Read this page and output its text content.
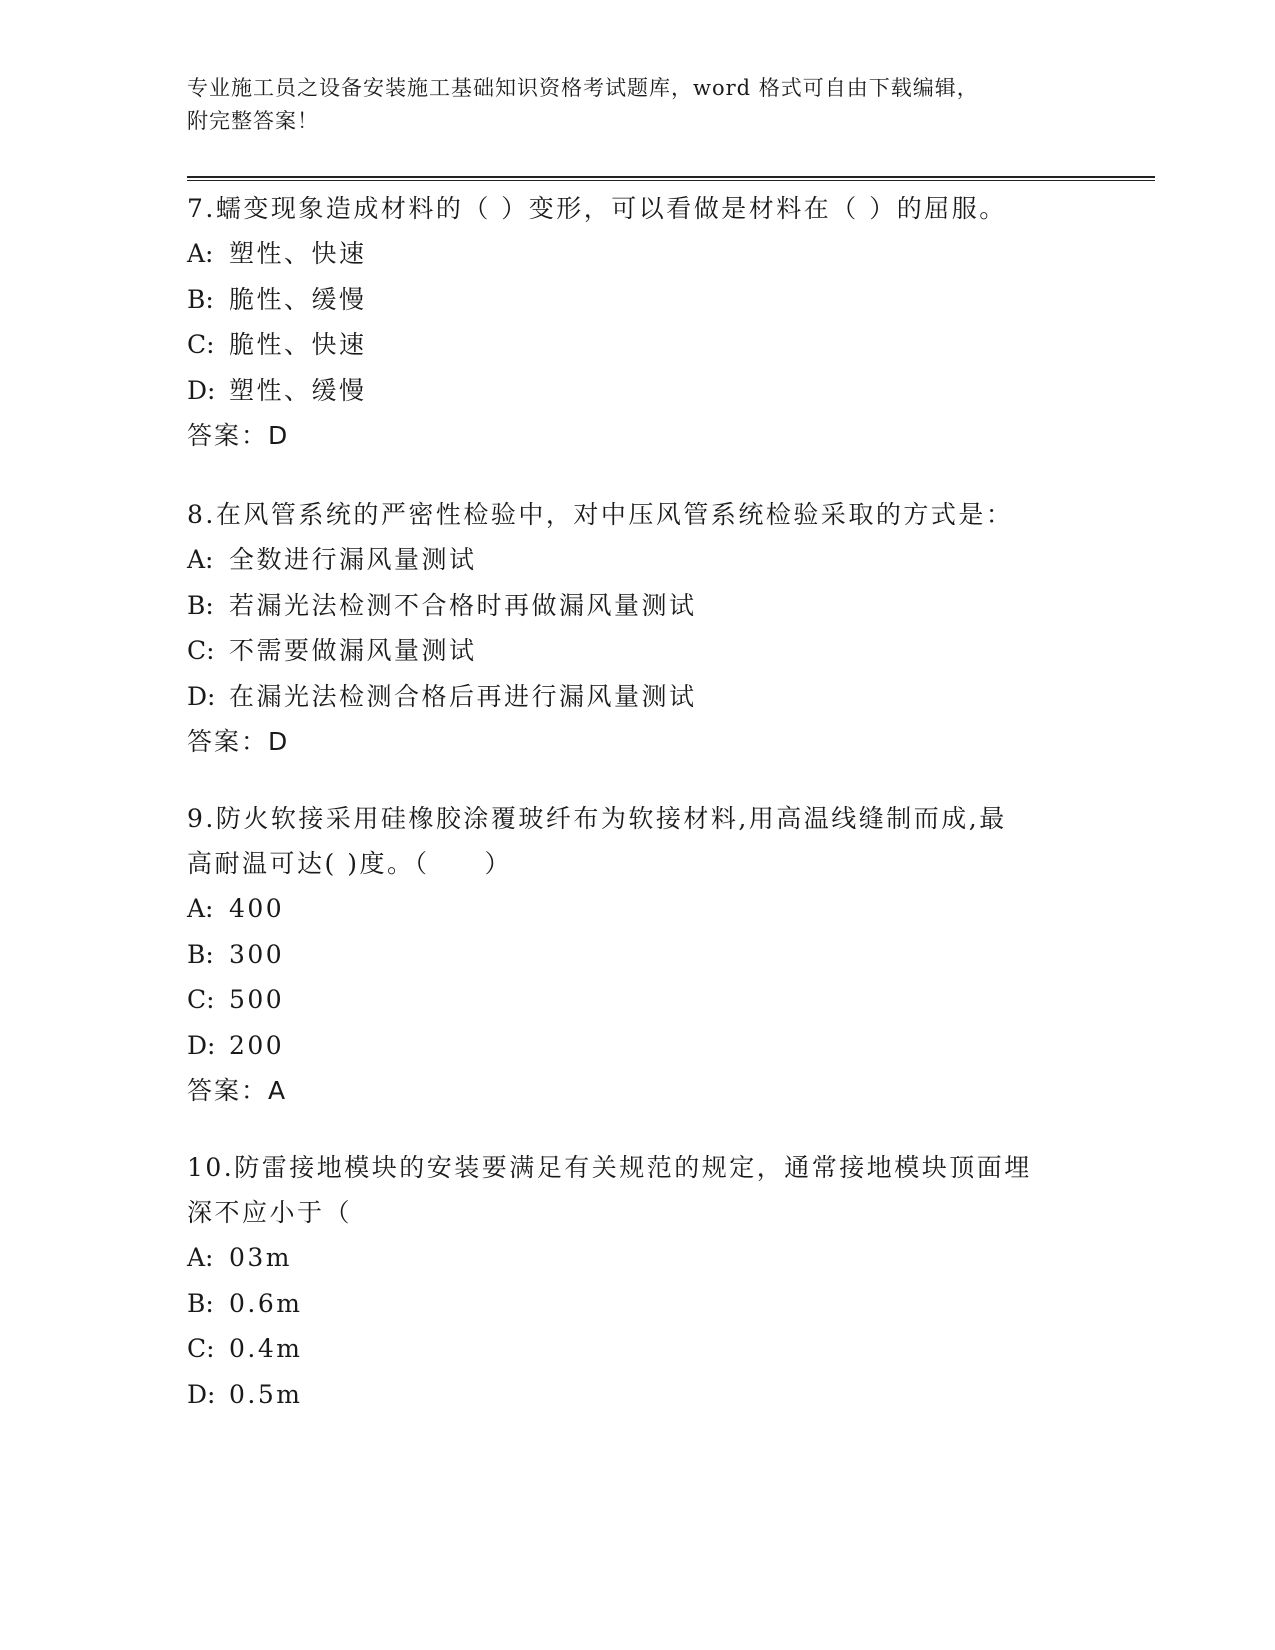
专业施工员之设备安装施工基础知识资格考试题库，word 格式可自由下载编辑，
附完整答案！

7.蠕变现象造成材料的（ ）变形，可以看做是材料在（ ）的屈服。

A: 塑性、快速

B: 脆性、缓慢

C: 脆性、快速

D: 塑性、缓慢

答案：D

8.在风管系统的严密性检验中，对中压风管系统检验采取的方式是：

A: 全数进行漏风量测试

B: 若漏光法检测不合格时再做漏风量测试

C: 不需要做漏风量测试

D: 在漏光法检测合格后再进行漏风量测试

答案：D

9.防火软接采用硅橡胶涂覆玻纤布为软接材料,用高温线缝制而成,最

高耐温可达( )度。（　　）

A: 400

B: 300

C: 500

D: 200

答案：A

10.防雷接地模块的安装要满足有关规范的规定，通常接地模块顶面埋

深不应小于（

A: 03m

B: 0.6m

C: 0.4m

D: 0.5m
